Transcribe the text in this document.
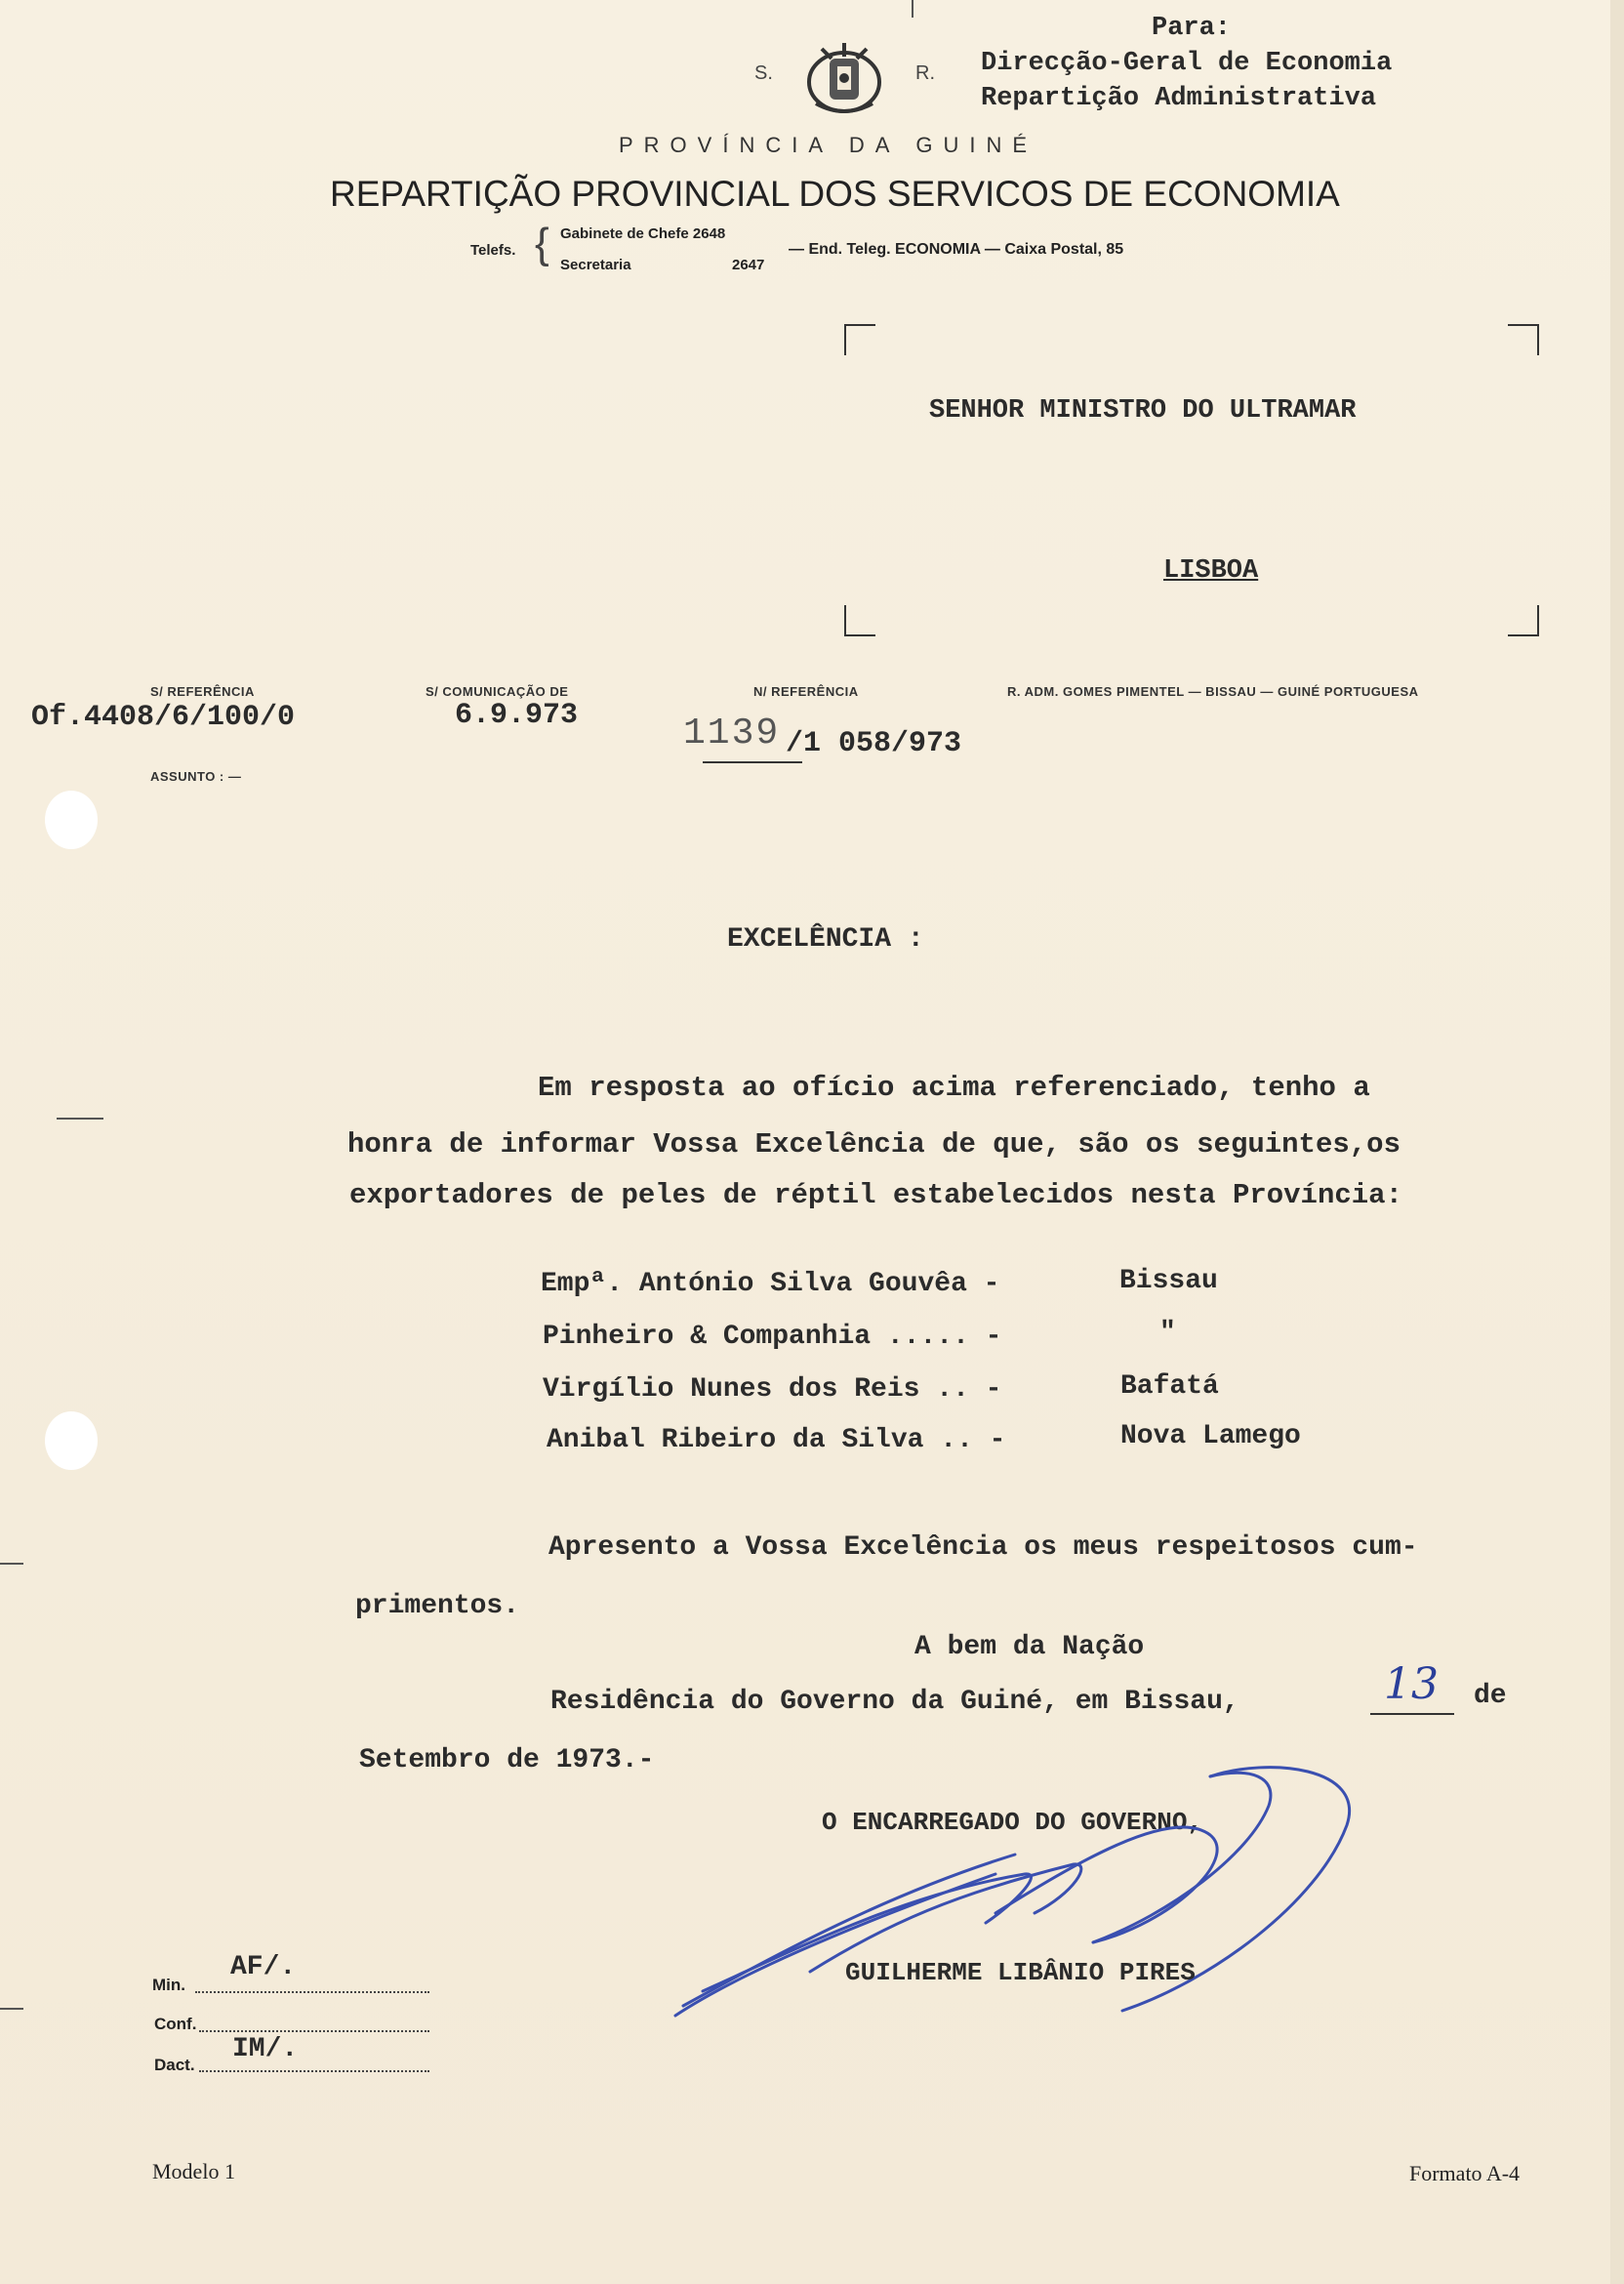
Para:
Direcção-Geral de Economia
Repartição Administrativa
S.	R.
PROVÍNCIA DA GUINÉ
REPARTIÇÃO PROVINCIAL DOS SERVICOS DE ECONOMIA
Telefs. { Gabinete de Chefe 2648
Secretaria	2647
— End. Teleg. ECONOMIA — Caixa Postal, 85
SENHOR MINISTRO DO ULTRAMAR
LISBOA
S/ REFERÊNCIA	S/ COMUNICAÇÃO DE	N/ REFERÊNCIA	R. ADM. GOMES PIMENTEL — BISSAU — GUINÉ PORTUGUESA
Of.4408/6/100/0	6.9.973	1139 /1 058/973
ASSUNTO : —
EXCELÊNCIA :
Em resposta ao ofício acima referenciado, tenho a
honra de informar Vossa Excelência de que, são os seguintes,os
exportadores de peles de réptil estabelecidos nesta Província:
Empª. António Silva Gouvêa -	Bissau
Pinheiro & Companhia ..... -	"
Virgílio Nunes dos Reis .. -	Bafatá
Anibal Ribeiro da Silva .. -	Nova Lamego
Apresento a Vossa Excelência os meus respeitosos cum-
primentos.
A bem da Nação
Residência do Governo da Guiné, em Bissau,	13 de
Setembro de 1973.-
O ENCARREGADO DO GOVERNO,
GUILHERME LIBÂNIO PIRES
Min.
AF/.
Conf.
Dact.
IM/.
Modelo 1	Formato A-4
